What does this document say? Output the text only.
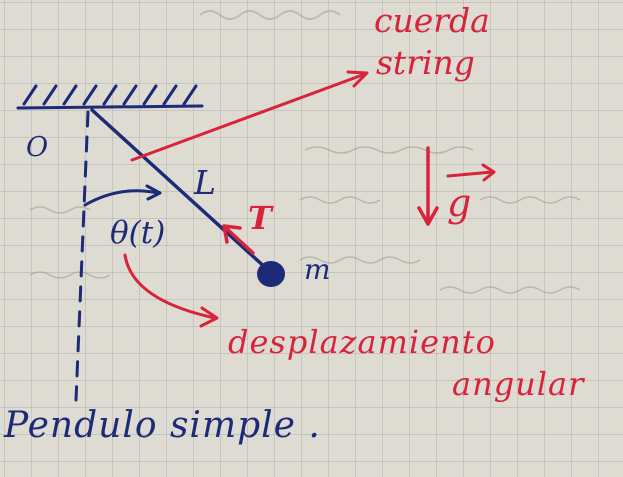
O
L
θ(t)	T
m
cuerda
string
g
desplazamiento
angular
Pendulo simple .
